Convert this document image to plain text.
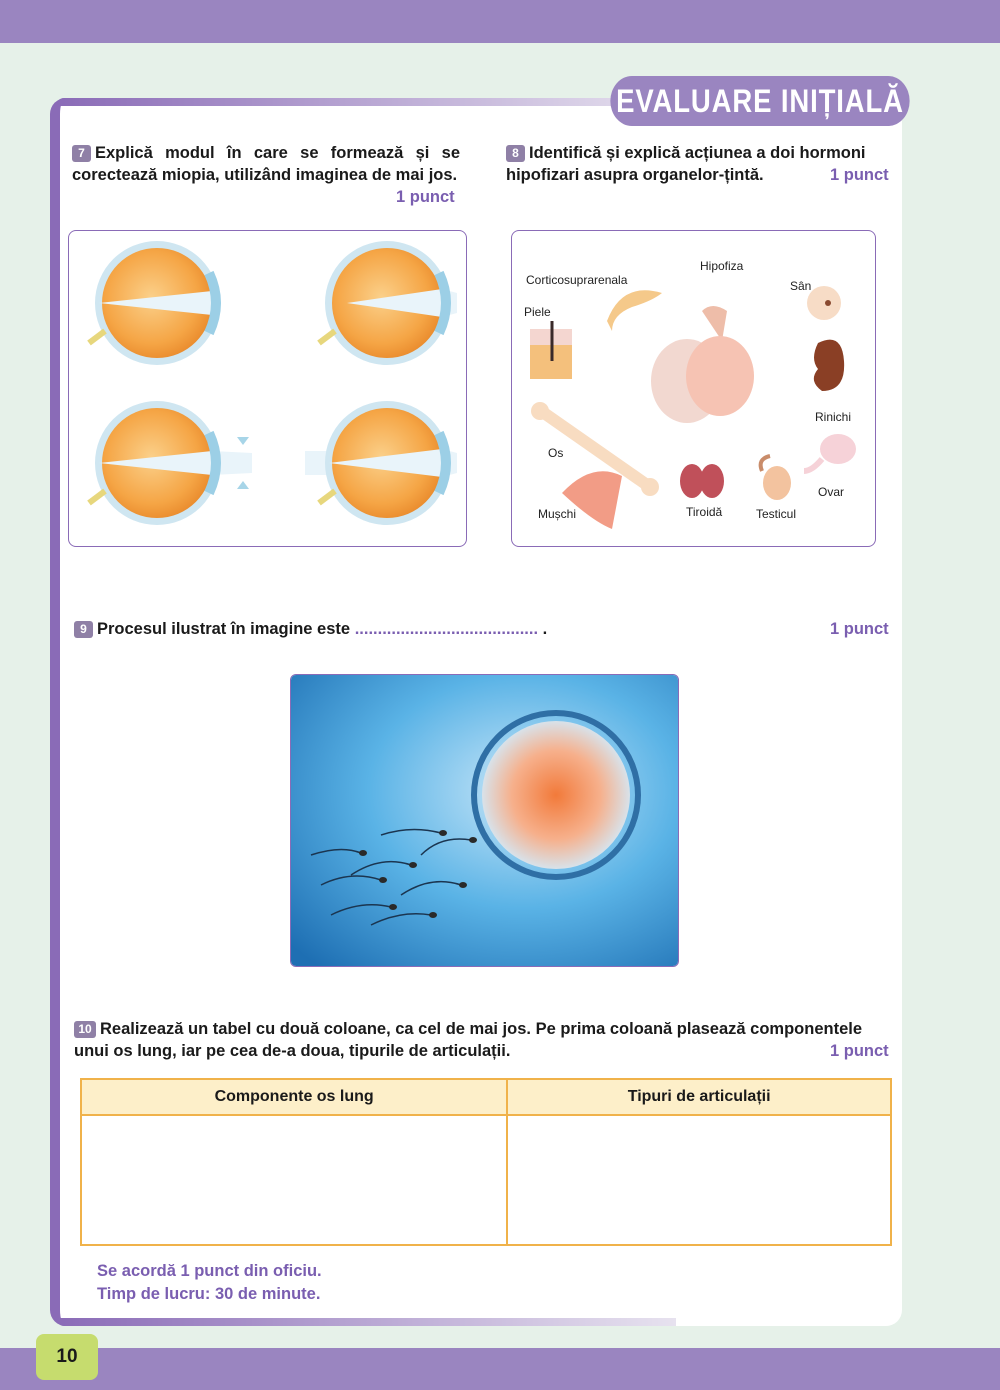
EVALUARE INIȚIALĂ
7 Explică modul în care se formează și se corectează miopia, utilizând imaginea de mai jos.
1 punct
8 Identifică și explică acțiunea a doi hormoni hipofizari asupra organelor-țintă.	1 punct
Corticosuprarenala
Hipofiza
Sân
Piele
Rinichi
Os
Ovar
Mușchi	Tiroidă	Testicul
9 Procesul ilustrat în imagine este ........................................ .	1 punct
10 Realizează un tabel cu două coloane, ca cel de mai jos. Pe prima coloană plasează componentele unui os lung, iar pe cea de-a doua, tipurile de articulații.	1 punct
Componente os lung	Tipuri de articulații

Se acordă 1 punct din oficiu.
Timp de lucru: 30 de minute.
10
